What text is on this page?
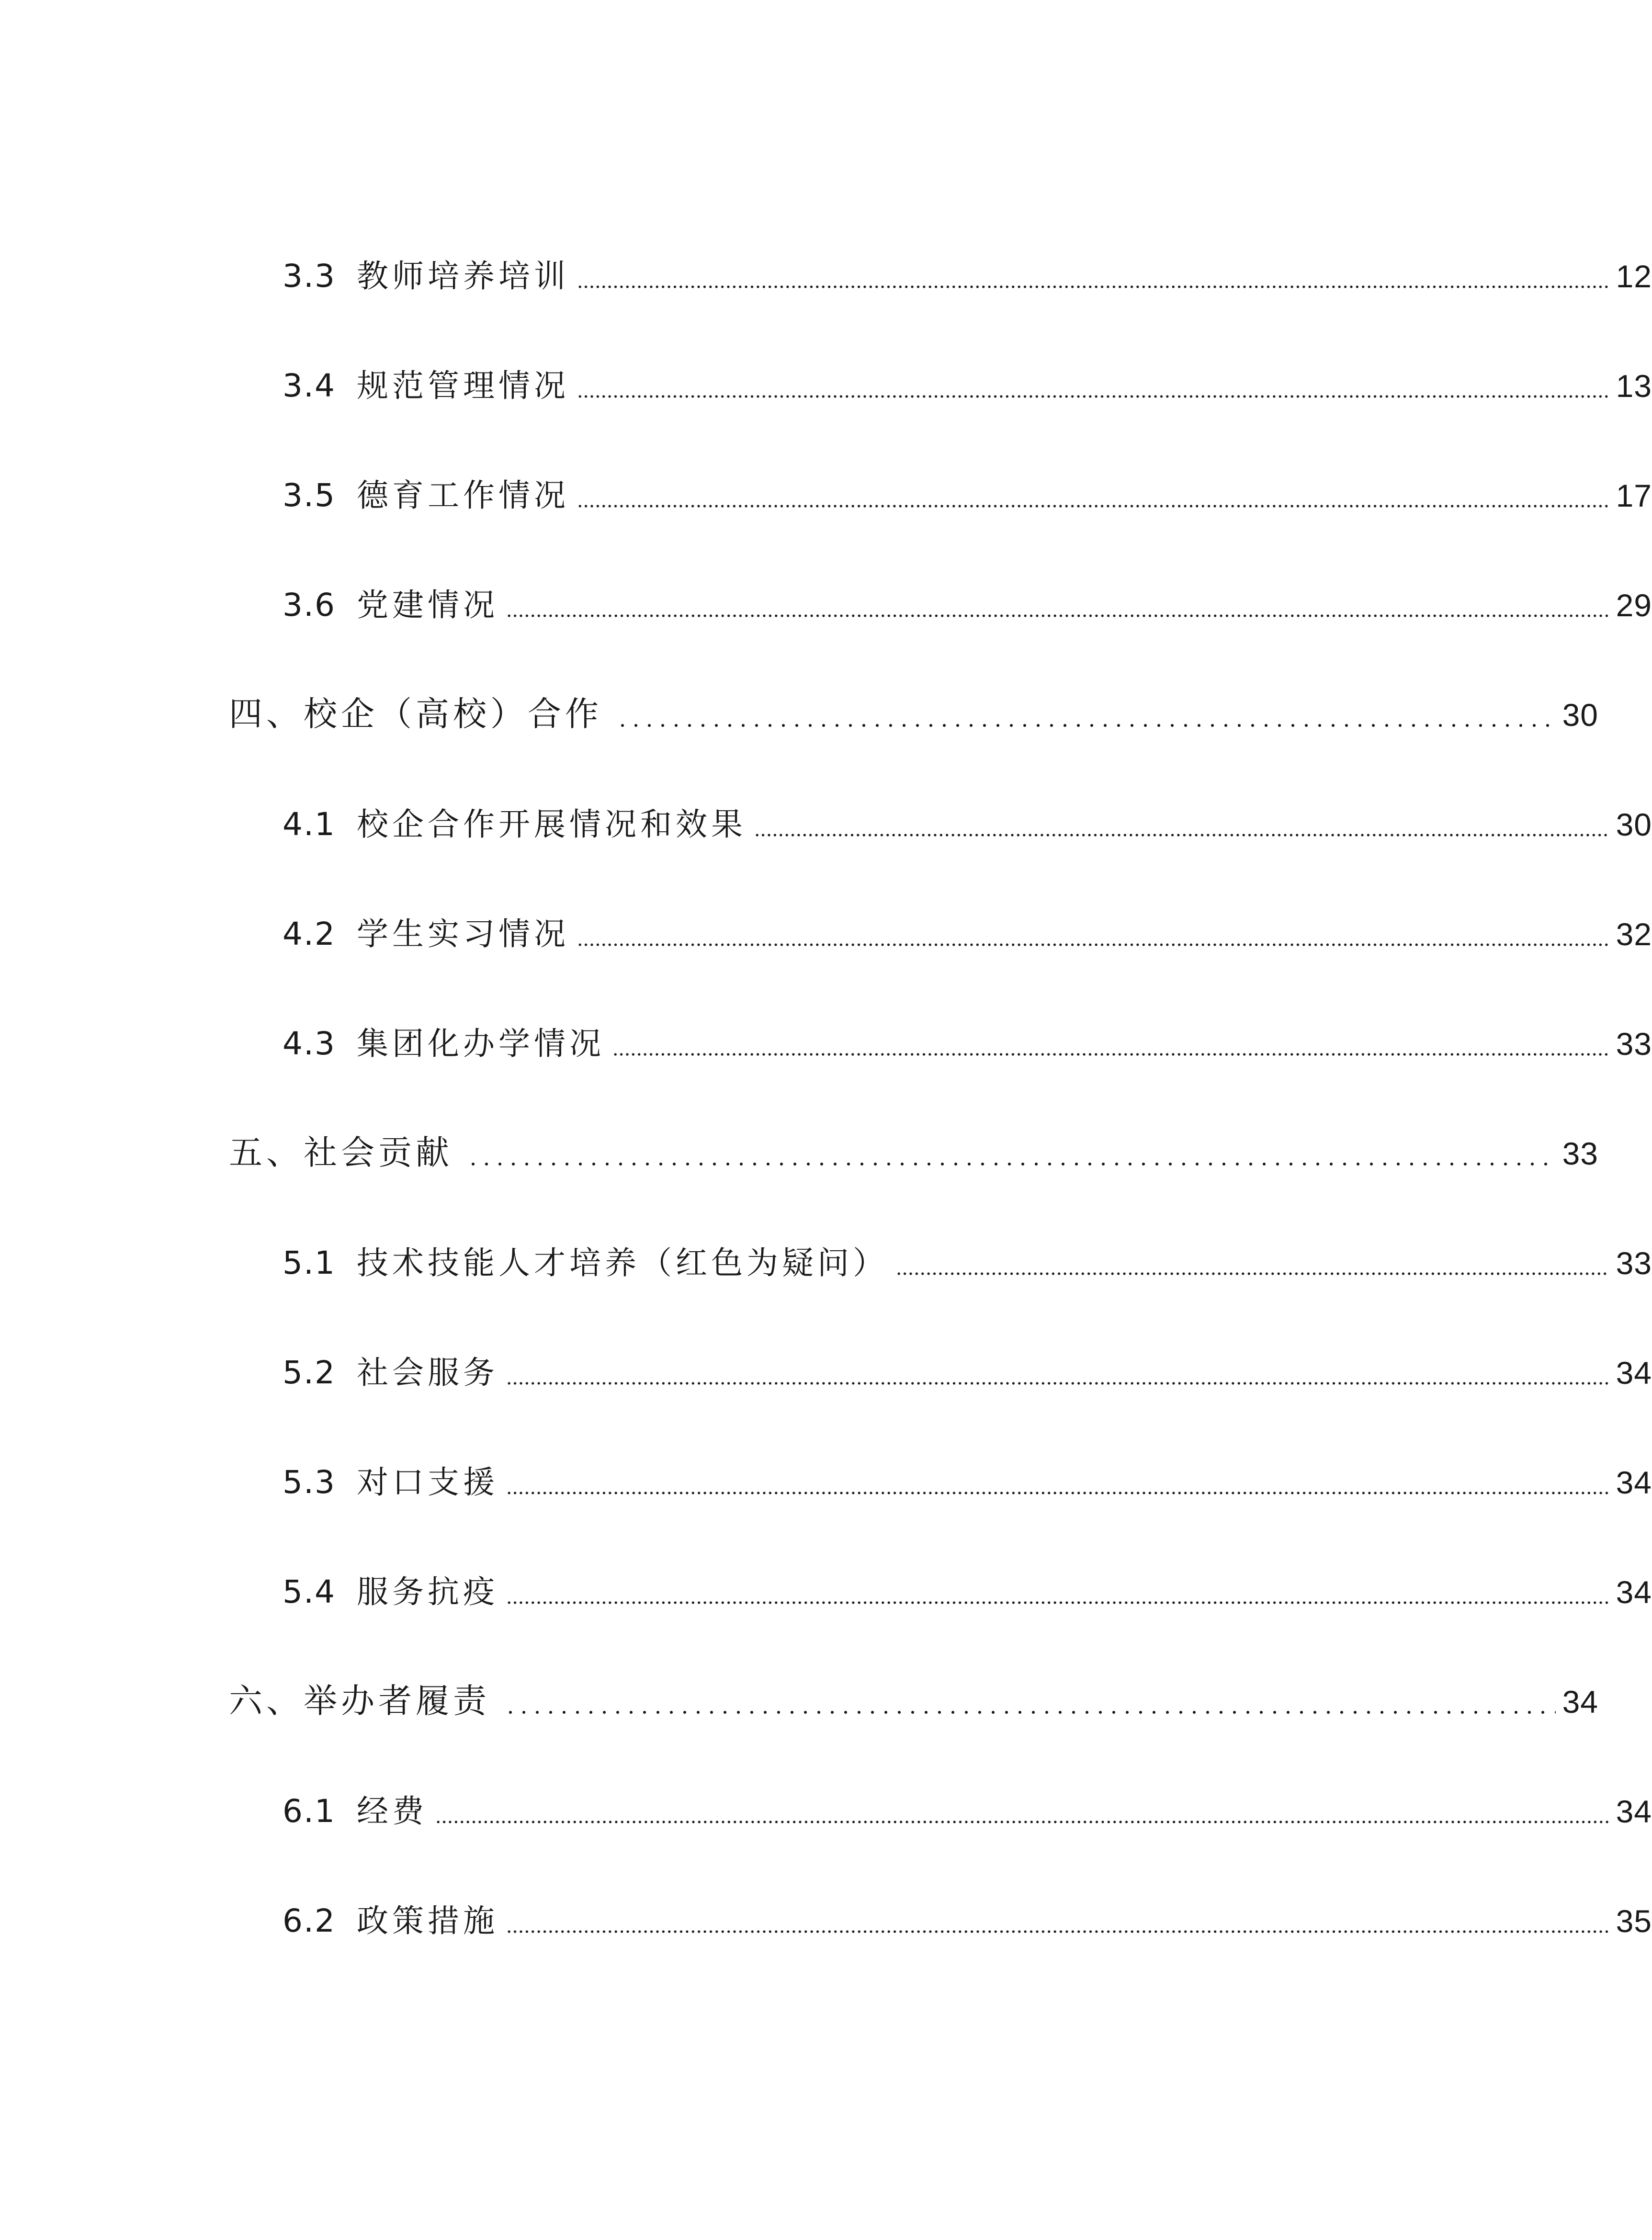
3.3 教师培养培训	12
3.4 规范管理情况	13
3.5 德育工作情况	17
3.6 党建情况	29
四、校企（高校）合作	30
4.1 校企合作开展情况和效果	30
4.2 学生实习情况	32
4.3 集团化办学情况	33
五、社会贡献	33
5.1 技术技能人才培养（红色为疑问）	33
5.2 社会服务	34
5.3 对口支援	34
5.4 服务抗疫	34
六、举办者履责	34
6.1 经费	34
6.2 政策措施	35
